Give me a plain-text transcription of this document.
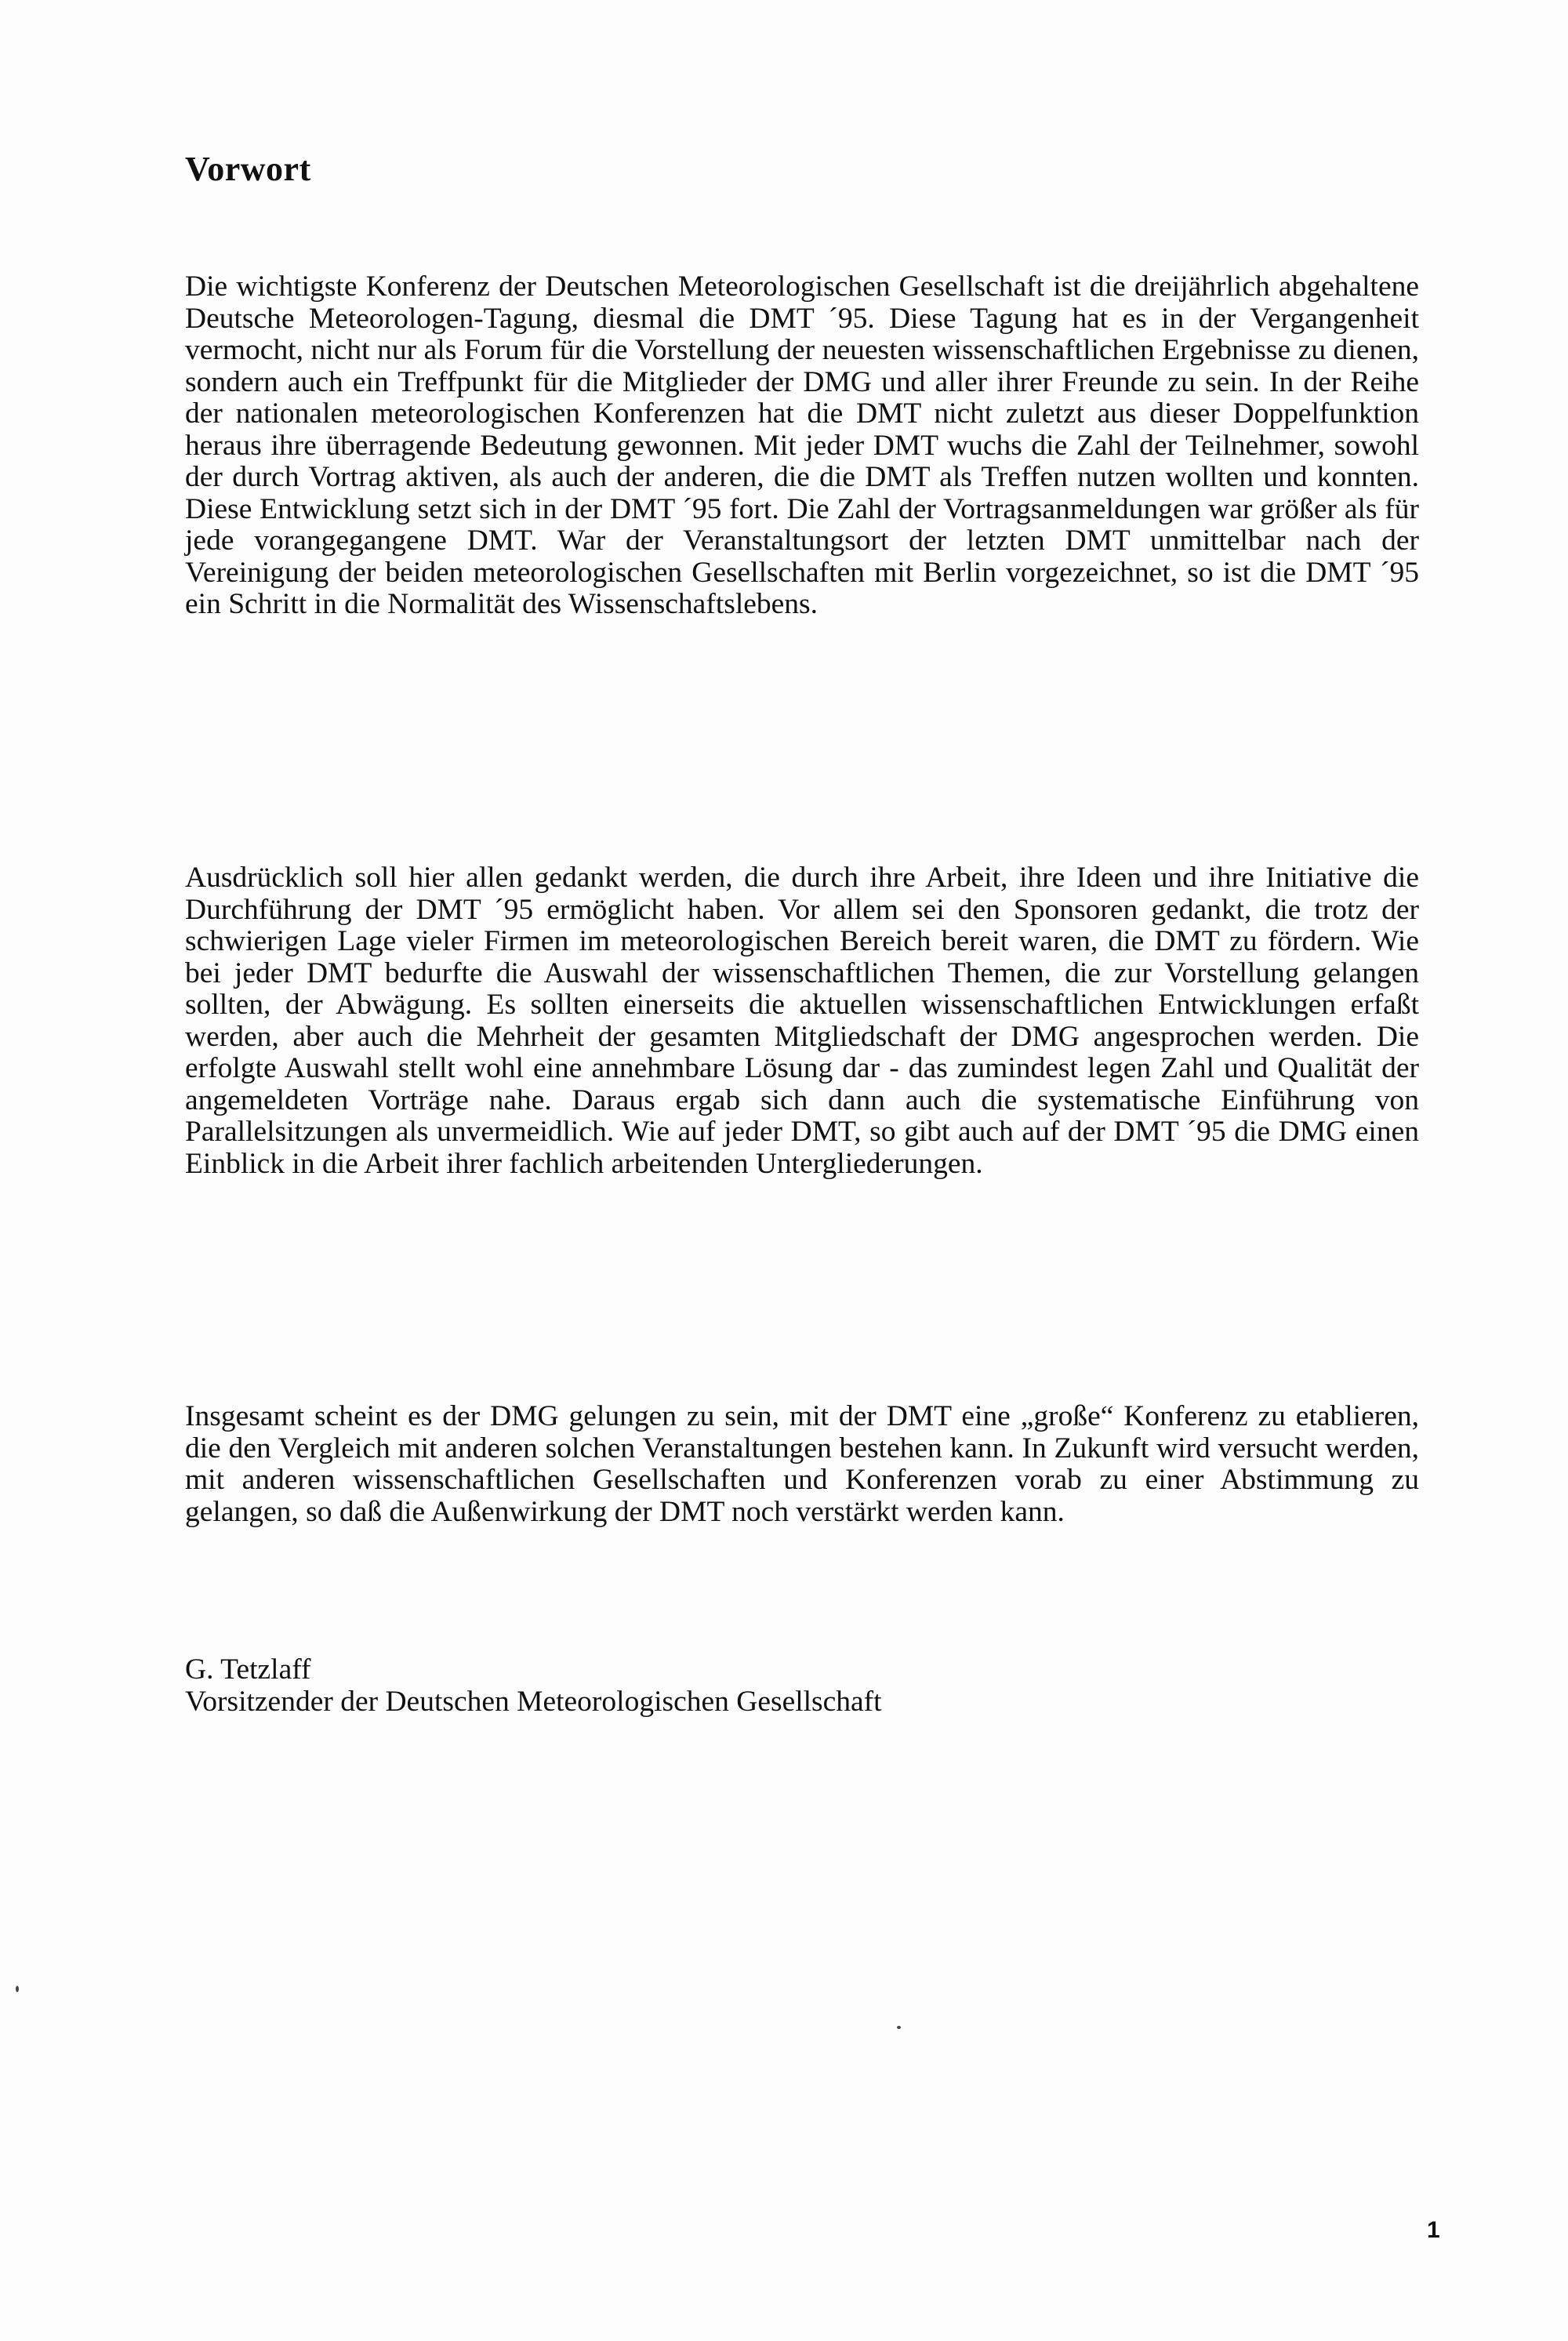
Vorwort

Die wichtigste Konferenz der Deutschen Meteorologischen Gesellschaft ist die dreijährlich abgehaltene Deutsche Meteorologen-Tagung, diesmal die DMT ´95. Diese Tagung hat es in der Vergangenheit vermocht, nicht nur als Forum für die Vorstellung der neuesten wissenschaftlichen Ergebnisse zu dienen, sondern auch ein Treffpunkt für die Mitglieder der DMG und aller ihrer Freunde zu sein. In der Reihe der nationalen meteorologischen Konferenzen hat die DMT nicht zuletzt aus dieser Doppelfunktion heraus ihre überragende Bedeutung gewonnen. Mit jeder DMT wuchs die Zahl der Teilnehmer, sowohl der durch Vortrag aktiven, als auch der anderen, die die DMT als Treffen nutzen wollten und konnten. Diese Entwicklung setzt sich in der DMT ´95 fort. Die Zahl der Vortragsanmeldungen war größer als für jede vorangegangene DMT. War der Veranstaltungsort der letzten DMT unmittelbar nach der Vereinigung der beiden meteorologischen Gesellschaften mit Berlin vorgezeichnet, so ist die DMT ´95 ein Schritt in die Normalität des Wissenschaftslebens.

Ausdrücklich soll hier allen gedankt werden, die durch ihre Arbeit, ihre Ideen und ihre Initiative die Durchführung der DMT ´95 ermöglicht haben. Vor allem sei den Sponsoren gedankt, die trotz der schwierigen Lage vieler Firmen im meteorologischen Bereich bereit waren, die DMT zu fördern. Wie bei jeder DMT bedurfte die Auswahl der wissenschaftlichen Themen, die zur Vorstellung gelangen sollten, der Abwägung. Es sollten einerseits die aktuellen wissenschaftlichen Entwicklungen erfaßt werden, aber auch die Mehrheit der gesamten Mitgliedschaft der DMG angesprochen werden. Die erfolgte Auswahl stellt wohl eine annehmbare Lösung dar - das zumindest legen Zahl und Qualität der angemeldeten Vorträge nahe. Daraus ergab sich dann auch die systematische Einführung von Parallelsitzungen als unvermeidlich. Wie auf jeder DMT, so gibt auch auf der DMT ´95 die DMG einen Einblick in die Arbeit ihrer fachlich arbeitenden Untergliederungen.

Insgesamt scheint es der DMG gelungen zu sein, mit der DMT eine „große“ Konferenz zu etablieren, die den Vergleich mit anderen solchen Veranstaltungen bestehen kann. In Zukunft wird versucht werden, mit anderen wissenschaftlichen Gesellschaften und Konferenzen vorab zu einer Abstimmung zu gelangen, so daß die Außenwirkung der DMT noch verstärkt werden kann.

G. Tetzlaff
Vorsitzender der Deutschen Meteorologischen Gesellschaft
1
